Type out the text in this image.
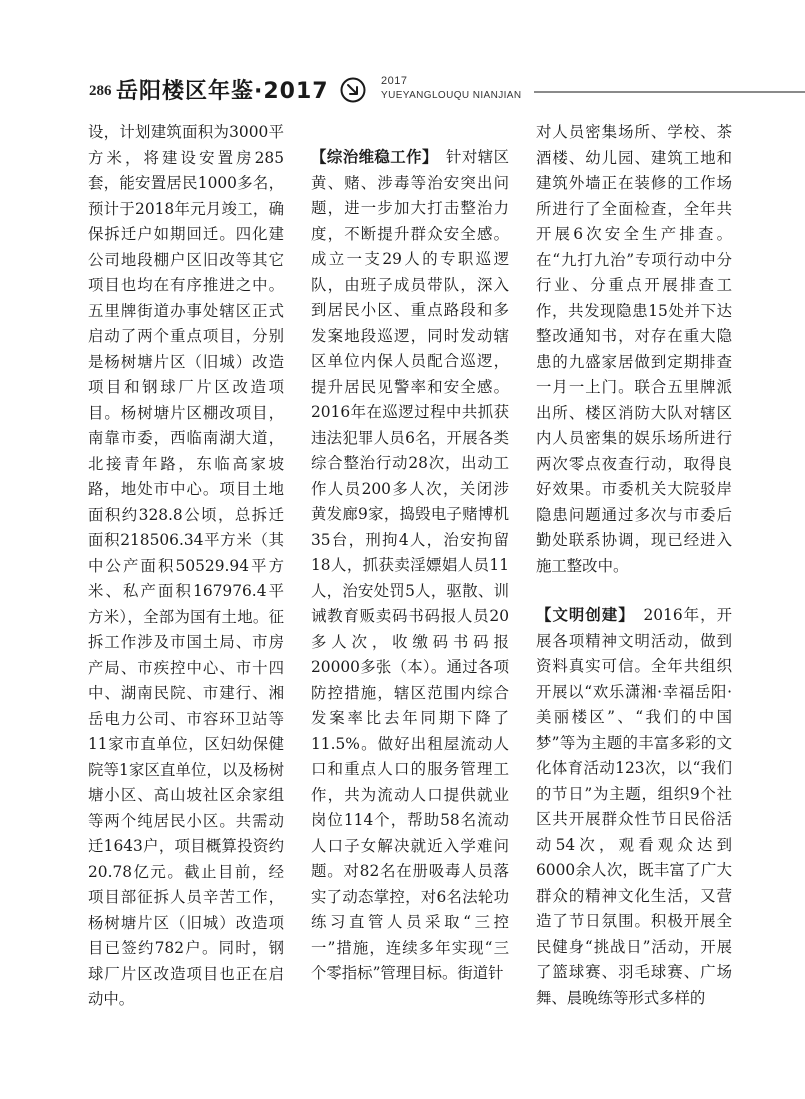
286 岳阳楼区年鉴·2017	2017
YUEYANGLOUQU NIANJIAN

设，计划建筑面积为3000平方米，将建设安置房285套，能安置居民1000多名，预计于2018年元月竣工，确保拆迁户如期回迁。四化建公司地段棚户区旧改等其它项目也均在有序推进之中。五里牌街道办事处辖区正式启动了两个重点项目，分别是杨树塘片区（旧城）改造项目和钢球厂片区改造项目。杨树塘片区棚改项目，南靠市委，西临南湖大道，北接青年路，东临高家坡路，地处市中心。项目土地面积约328.8公顷，总拆迁面积218506.34平方米（其中公产面积50529.94平方米、私产面积167976.4平方米），全部为国有土地。征拆工作涉及市国土局、市房产局、市疾控中心、市十四中、湖南民院、市建行、湘岳电力公司、市容环卫站等11家市直单位，区妇幼保健院等1家区直单位，以及杨树塘小区、高山坡社区余家组等两个纯居民小区。共需动迁1643户，项目概算投资约20.78亿元。截止目前，经项目部征拆人员辛苦工作，杨树塘片区（旧城）改造项目已签约782户。同时，钢球厂片区改造项目也正在启动中。

【综治维稳工作】　 针对辖区黄、赌、涉毒等治安突出问题，进一步加大打击整治力度，不断提升群众安全感。成立一支29人的专职巡逻队，由班子成员带队，深入到居民小区、重点路段和多发案地段巡逻，同时发动辖区单位内保人员配合巡逻，提升居民见警率和安全感。2016年在巡逻过程中共抓获违法犯罪人员6名，开展各类综合整治行动28次，出动工作人员200多人次，关闭涉黄发廊9家，捣毁电子赌博机35台，刑拘4人，治安拘留18人，抓获卖淫嫖娼人员11人，治安处罚5人，驱散、训诫教育贩卖码书码报人员20多人次，收缴码书码报20000多张（本）。通过各项防控措施，辖区范围内综合发案率比去年同期下降了11.5%。做好出租屋流动人口和重点人口的服务管理工作，共为流动人口提供就业岗位114个，帮助58名流动人口子女解决就近入学难问题。对82名在册吸毒人员落实了动态掌控，对6名法轮功练习直管人员采取“三控一”措施，连续多年实现“三个零指标”管理目标。街道针

对人员密集场所、学校、茶酒楼、幼儿园、建筑工地和建筑外墙正在装修的工作场所进行了全面检查，全年共开展6次安全生产排查。在“九打九治”专项行动中分行业、分重点开展排查工作，共发现隐患15处并下达整改通知书，对存在重大隐患的九盛家居做到定期排查一月一上门。联合五里牌派出所、楼区消防大队对辖区内人员密集的娱乐场所进行两次零点夜查行动，取得良好效果。市委机关大院驳岸隐患问题通过多次与市委后勤处联系协调，现已经进入施工整改中。

【文明创建】　 2016年，开展各项精神文明活动，做到资料真实可信。全年共组织开展以“欢乐潇湘·幸福岳阳·美丽楼区”、“我们的中国梦”等为主题的丰富多彩的文化体育活动123次，以“我们的节日”为主题，组织9个社区共开展群众性节日民俗活动54次，观看观众达到6000余人次，既丰富了广大群众的精神文化生活，又营造了节日氛围。积极开展全民健身“挑战日”活动，开展了篮球赛、羽毛球赛、广场舞、晨晚练等形式多样的
